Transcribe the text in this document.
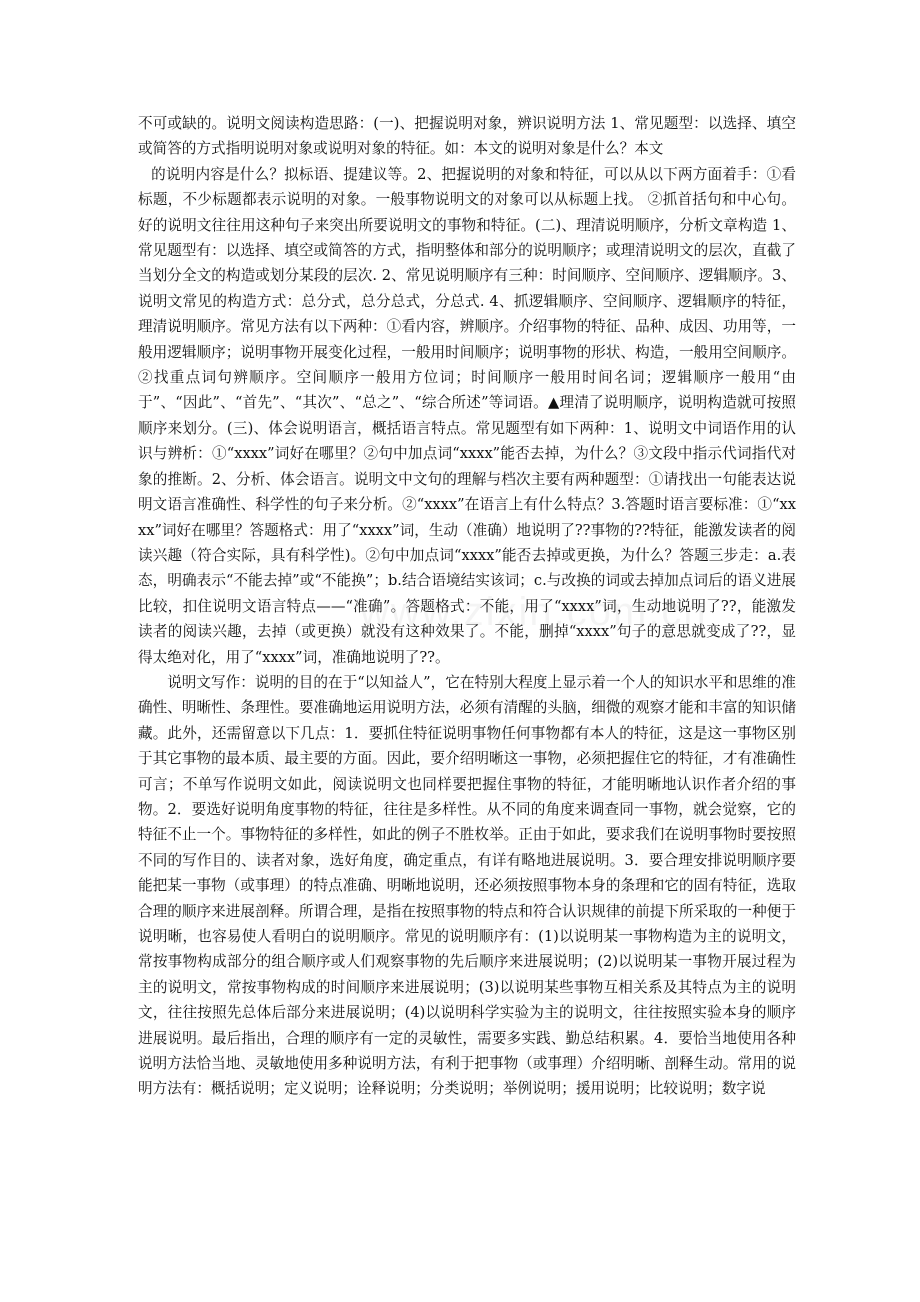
不可或缺的。说明文阅读构造思路：(一)、把握说明对象，辨识说明方法 1、常见题型：以选择、填空或简答的方式指明说明对象或说明对象的特征。如：本文的说明对象是什么？本文

的说明内容是什么？拟标语、提建议等。2、把握说明的对象和特征，可以从以下两方面着手：①看标题，不少标题都表示说明的对象。一般事物说明文的对象可以从标题上找。 ②抓首括句和中心句。好的说明文往往用这种句子来突出所要说明文的事物和特征。(二)、理清说明顺序，分析文章构造 1、常见题型有：以选择、填空或简答的方式，指明整体和部分的说明顺序；或理清说明文的层次，直截了当划分全文的构造或划分某段的层次. 2、常见说明顺序有三种：时间顺序、空间顺序、逻辑顺序。3、说明文常见的构造方式：总分式，总分总式，分总式. 4、抓逻辑顺序、空间顺序、逻辑顺序的特征，理清说明顺序。常见方法有以下两种：①看内容，辨顺序。介绍事物的特征、品种、成因、功用等，一般用逻辑顺序；说明事物开展变化过程，一般用时间顺序；说明事物的形状、构造，一般用空间顺序。②找重点词句辨顺序。空间顺序一般用方位词；时间顺序一般用时间名词；逻辑顺序一般用“由于”、“因此”、“首先”、“其次”、“总之”、“综合所述”等词语。▲理清了说明顺序，说明构造就可按照顺序来划分。(三)、体会说明语言，概括语言特点。常见题型有如下两种：1、说明文中词语作用的认识与辨析：①“xxxx”词好在哪里？②句中加点词“xxxx”能否去掉，为什么？③文段中指示代词指代对象的推断。2、分析、体会语言。说明文中文句的理解与档次主要有两种题型：①请找出一句能表达说明文语言准确性、科学性的句子来分析。②“xxxx”在语言上有什么特点？3.答题时语言要标准：①“xxxx”词好在哪里？答题格式：用了“xxxx”词，生动（准确）地说明了??事物的??特征，能激发读者的阅读兴趣（符合实际，具有科学性)。②句中加点词“xxxx”能否去掉或更换，为什么？答题三步走：a.表态，明确表示“不能去掉”或“不能换”；b.结合语境结实该词；c.与改换的词或去掉加点词后的语义进展比较，扣住说明文语言特点——“准确”。答题格式：不能，用了“xxxx”词，生动地说明了??，能激发读者的阅读兴趣，去掉（或更换）就没有这种效果了。不能，删掉“xxxx”句子的意思就变成了??，显得太绝对化，用了“xxxx”词，准确地说明了??。

说明文写作：说明的目的在于“以知益人”，它在特别大程度上显示着一个人的知识水平和思维的准确性、明晰性、条理性。要准确地运用说明方法，必须有清醒的头脑，细微的观察才能和丰富的知识储藏。此外，还需留意以下几点：1．要抓住特征说明事物任何事物都有本人的特征，这是这一事物区别于其它事物的最本质、最主要的方面。因此，要介绍明晰这一事物，必须把握住它的特征，才有准确性可言；不单写作说明文如此，阅读说明文也同样要把握住事物的特征，才能明晰地认识作者介绍的事物。2．要选好说明角度事物的特征，往往是多样性。从不同的角度来调查同一事物，就会觉察，它的特征不止一个。事物特征的多样性，如此的例子不胜枚举。正由于如此，要求我们在说明事物时要按照不同的写作目的、读者对象，选好角度，确定重点，有详有略地进展说明。3．要合理安排说明顺序要能把某一事物（或事理）的特点准确、明晰地说明，还必须按照事物本身的条理和它的固有特征，选取合理的顺序来进展剖释。所谓合理，是指在按照事物的特点和符合认识规律的前提下所采取的一种便于说明晰，也容易使人看明白的说明顺序。常见的说明顺序有：(1)以说明某一事物构造为主的说明文，常按事物构成部分的组合顺序或人们观察事物的先后顺序来进展说明；(2)以说明某一事物开展过程为主的说明文，常按事物构成的时间顺序来进展说明；(3)以说明某些事物互相关系及其特点为主的说明文，往往按照先总体后部分来进展说明；(4)以说明科学实验为主的说明文，往往按照实验本身的顺序进展说明。最后指出，合理的顺序有一定的灵敏性，需要多实践、勤总结积累。4．要恰当地使用各种说明方法恰当地、灵敏地使用多种说明方法，有利于把事物（或事理）介绍明晰、剖释生动。常用的说明方法有：概括说明；定义说明；诠释说明；分类说明；举例说明；援用说明；比较说明；数字说
